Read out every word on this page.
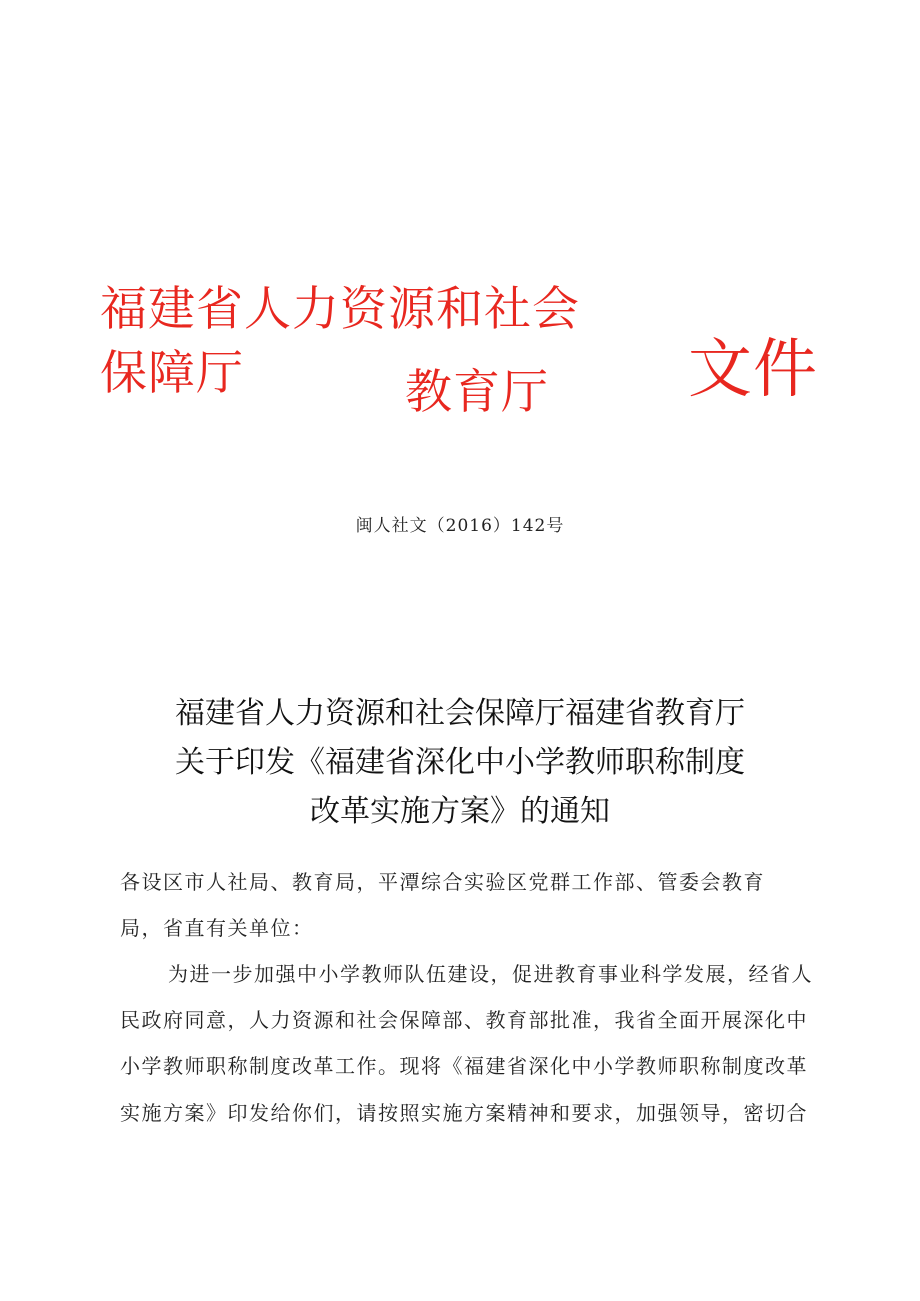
福建省人力资源和社会
保障厅	教育厅 文件
闽人社文（2016）142号
福建省人力资源和社会保障厅福建省教育厅
关于印发《福建省深化中小学教师职称制度
改革实施方案》的通知
各设区市人社局、教育局，平潭综合实验区党群工作部、管委会教育
局，省直有关单位：
为进一步加强中小学教师队伍建设，促进教育事业科学发展，经省人
民政府同意，人力资源和社会保障部、教育部批准，我省全面开展深化中
小学教师职称制度改革工作。现将《福建省深化中小学教师职称制度改革
实施方案》印发给你们，请按照实施方案精神和要求，加强领导，密切合
